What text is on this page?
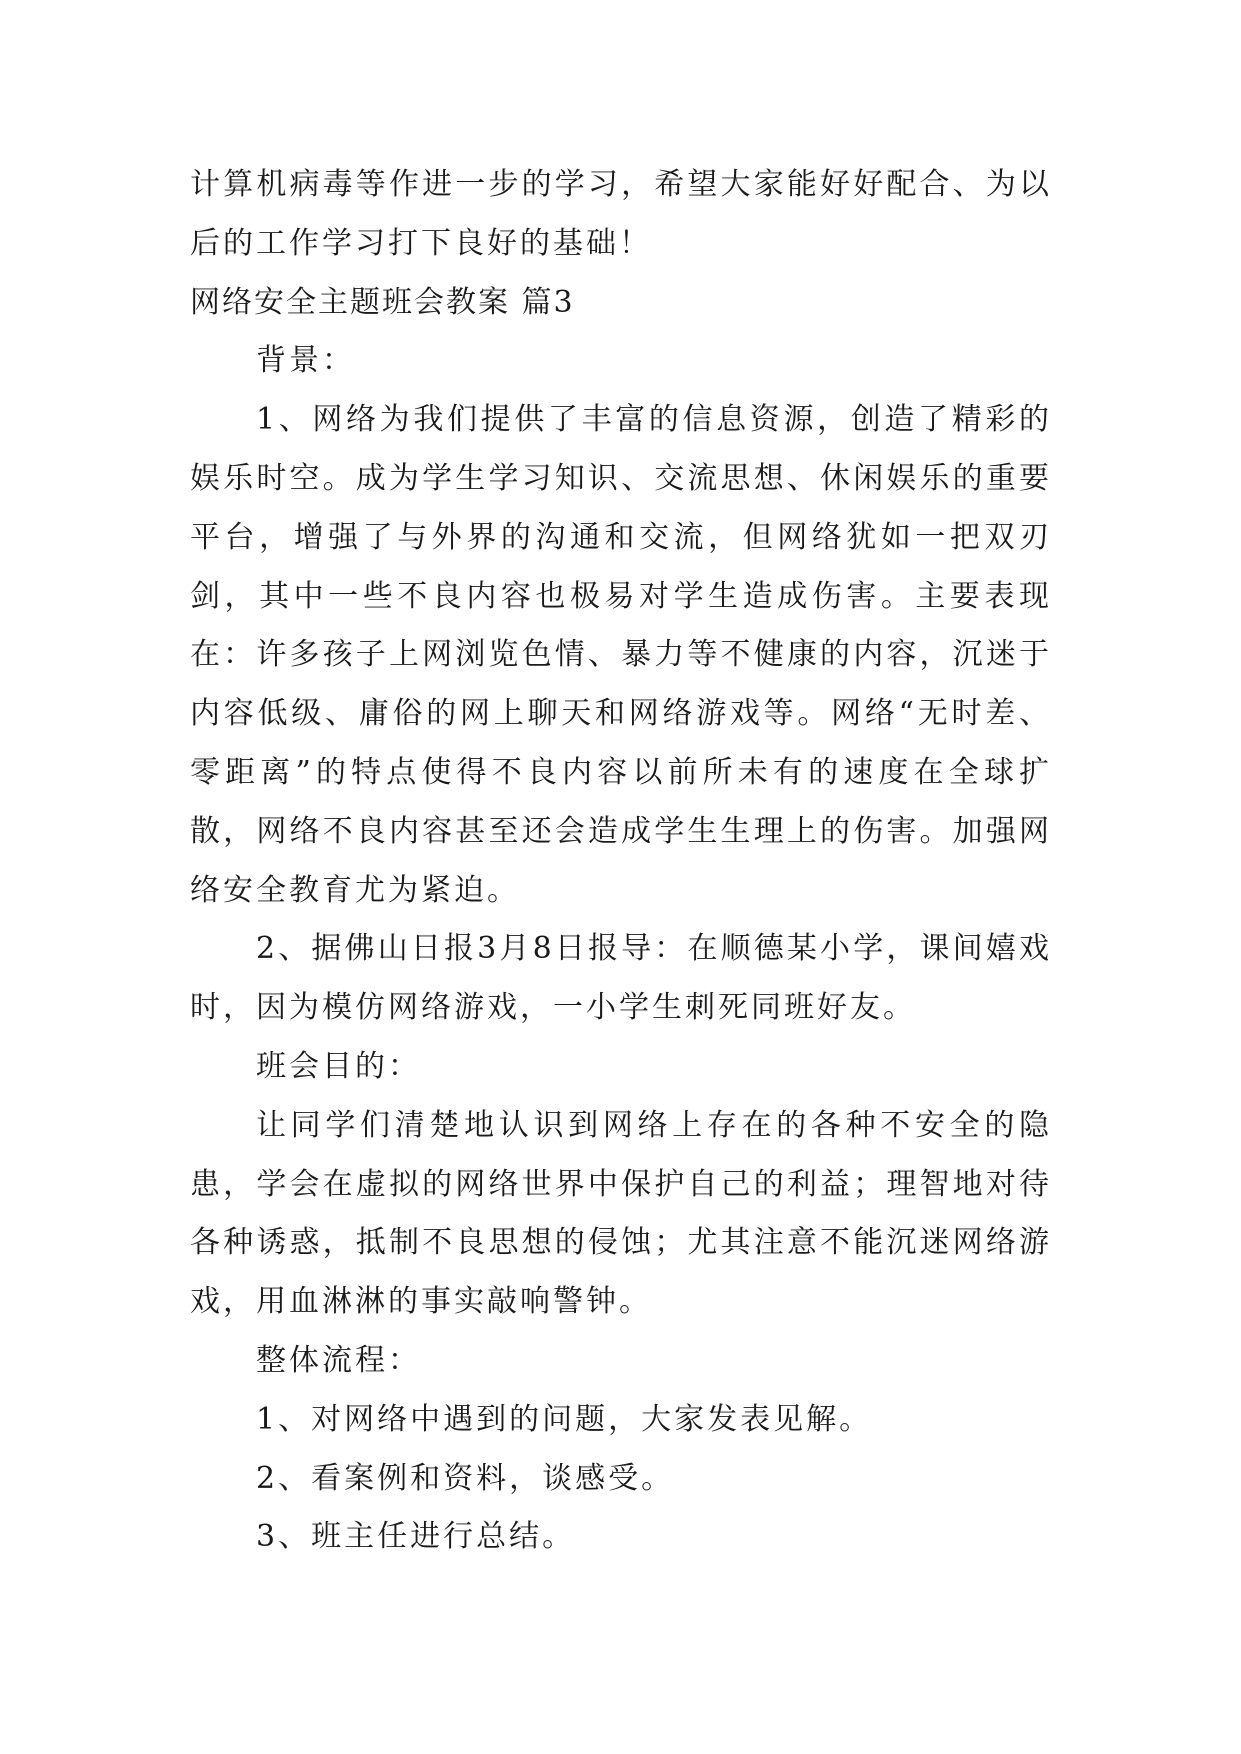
计算机病毒等作进一步的学习，希望大家能好好配合、为以后的工作学习打下良好的基础！

网络安全主题班会教案 篇3

背景：

1、网络为我们提供了丰富的信息资源，创造了精彩的娱乐时空。成为学生学习知识、交流思想、休闲娱乐的重要平台，增强了与外界的沟通和交流，但网络犹如一把双刃剑，其中一些不良内容也极易对学生造成伤害。主要表现在：许多孩子上网浏览色情、暴力等不健康的内容，沉迷于内容低级、庸俗的网上聊天和网络游戏等。网络“无时差、零距离”的特点使得不良内容以前所未有的速度在全球扩散，网络不良内容甚至还会造成学生生理上的伤害。加强网络安全教育尤为紧迫。

2、据佛山日报3月8日报导：在顺德某小学，课间嬉戏时，因为模仿网络游戏，一小学生刺死同班好友。

班会目的：

让同学们清楚地认识到网络上存在的各种不安全的隐患，学会在虚拟的网络世界中保护自己的利益；理智地对待各种诱惑，抵制不良思想的侵蚀；尤其注意不能沉迷网络游戏，用血淋淋的事实敲响警钟。

整体流程：

1、对网络中遇到的问题，大家发表见解。

2、看案例和资料，谈感受。

3、班主任进行总结。
